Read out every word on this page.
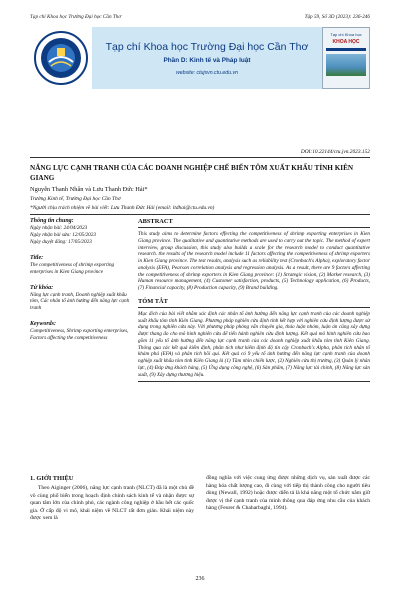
Tạp chí Khoa học Trường Đại học Cần Thơ	Tập 59, Số 3D (2023): 236-246
Tạp chí Khoa học Trường Đại học Cần Thơ
Phần D: Kinh tế và Pháp luật
website: ctujsvn.ctu.edu.vn
Tạp chí Khoa học
KHOA HỌC
DOI:10.22144/ctu.jvn.2023.152
NĂNG LỰC CẠNH TRANH CỦA CÁC DOANH NGHIỆP CHẾ BIẾN TÔM XUẤT KHẨU TỈNH KIÊN GIANG
Nguyễn Thanh Nhân và Lưu Thanh Đức Hải*
Trường Kinh tế, Trường Đại học Cần Thơ
*Người chịu trách nhiệm về bài viết: Lưu Thanh Đức Hải (email: ltdhai@ctu.edu.vn)
Thông tin chung:
Ngày nhận bài: 24/04/2023
Ngày nhận bài sửa: 12/05/2023
Ngày duyệt đăng: 17/05/2023
Title:
The competitiveness of shrimp exporting enterprises in Kien Giang province
Từ khóa:
Năng lực cạnh tranh, Doanh nghiệp xuất khẩu tôm, Các nhân tố ảnh hưởng đến năng lực cạnh tranh
Keywords:
Competitiveness, Shrimp exporting enterprises, Factors affecting the competitiveness
ABSTRACT
This study aims to determine factors effecting the competitiveness of shrimp exporting enterprises in Kien Giang province. The qualitative and quantitative methods are used to carry out the topic. The method of expert interview, group discussion, this study also builds a scale for the research model to conduct quantitative research. the results of the research model include 11 factors affecting the competitiveness of shrimp exporters in Kien Giang province. The test results, analysis such as reliability test (Cronbach's Alpha), exploratory factor analysis (EFA), Pearson correlation analysis and regression analysis. As a result, there are 9 factors affecting the competitiveness of shrimp exporters in Kien Giang province: (1) Strategic vision, (2) Market research, (3) Human resource management, (4) Customer satisfaction, products, (5) Technology application, (6) Products, (7) Financial capacity, (8) Production capacity, (9) Brand building.
TÓM TẮT
Mục đích của bài viết nhằm xác định các nhân tố ảnh hưởng đến năng lực cạnh tranh của các doanh nghiệp xuất khẩu tôm tỉnh Kiên Giang. Phương pháp nghiên cứu định tính kết hợp với nghiên cứu định lượng được sử dụng trong nghiên cứu này. Với phương pháp phỏng vấn chuyên gia, thảo luận nhóm, luận án cũng xây dựng được thang đo cho mô hình nghiên cứu để tiến hành nghiên cứu định lượng. Kết quả mô hình nghiên cứu bao gồm 11 yếu tố ảnh hưởng đến năng lực cạnh tranh của các doanh nghiệp xuất khẩu tôm tỉnh Kiên Giang. Thông qua các kết quả kiểm định, phân tích như kiểm định độ tin cậy Cronbach's Alpha, phân tích nhân tố khám phá (EFA) và phân tích hồi qui. Kết quả có 9 yếu tố ảnh hưởng đến năng lực cạnh tranh của doanh nghiệp xuất khẩu tôm tỉnh Kiên Giang là (1) Tầm nhìn chiến lược, (2) Nghiên cứu thị trường, (3) Quản lý nhân lực, (4) Đáp ứng khách hàng, (5) Ứng dụng công nghệ, (6) Sản phẩm, (7) Năng lực tài chính, (8) Năng lực sản xuất, (9) Xây dựng thương hiệu.
1. GIỚI THIỆU

Theo Aiginger (2006), năng lực cạnh tranh (NLCT) đã là một chủ đề vô cùng phổ biến trong hoạch định chính sách kinh tế và nhận được sự quan tâm lớn của chính phủ, các ngành công nghiệp ở hầu hết các quốc gia. Ở cấp độ vi mô, khái niệm về NLCT rất đơn giản. Khái niệm này được xem là

đồng nghĩa với việc cung ứng được những dịch vụ, sản xuất được các hàng hóa chất lượng cao, đi cùng với tiếp thị thành công cho người tiêu dùng (Newall, 1992) hoặc được diễn tả là khả năng một tổ chức nắm giữ được vị thế cạnh tranh của mình thông qua đáp ứng nhu cầu của khách hàng (Feurer & Chaharbaghi, 1994).

236
